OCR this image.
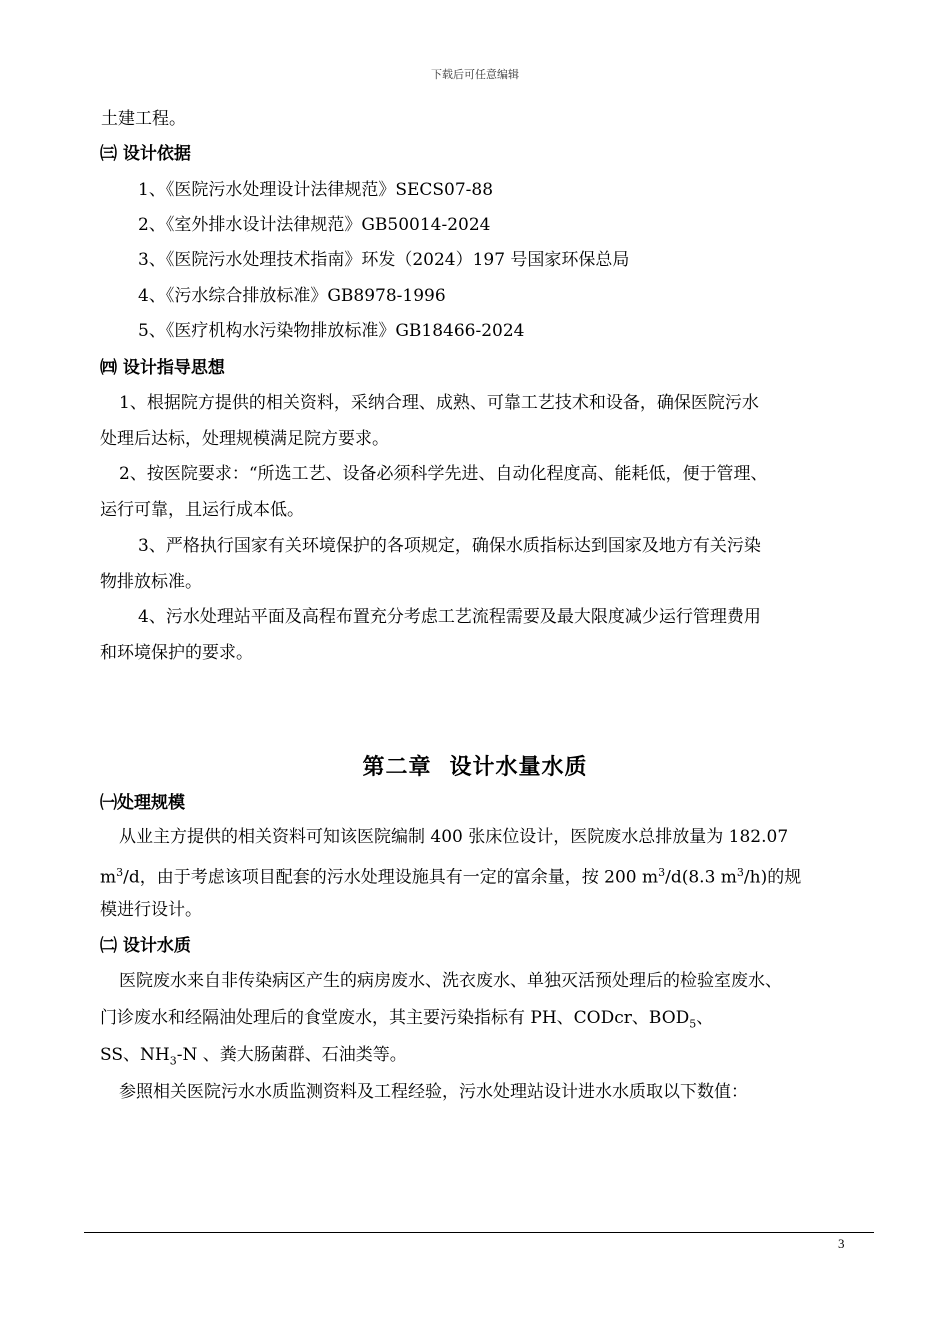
下载后可任意编辑
土建工程。
㈢ 设计依据
1、《医院污水处理设计法律规范》SECS07-88
2、《室外排水设计法律规范》GB50014-2024
3、《医院污水处理技术指南》环发（2024）197 号国家环保总局
4、《污水综合排放标准》GB8978-1996
5、《医疗机构水污染物排放标准》GB18466-2024
㈣ 设计指导思想
1、根据院方提供的相关资料，采纳合理、成熟、可靠工艺技术和设备，确保医院污水
处理后达标，处理规模满足院方要求。
2、按医院要求：“所选工艺、设备必须科学先进、自动化程度高、能耗低，便于管理、
运行可靠，且运行成本低。
3、严格执行国家有关环境保护的各项规定，确保水质指标达到国家及地方有关污染
物排放标准。
4、污水处理站平面及高程布置充分考虑工艺流程需要及最大限度减少运行管理费用
和环境保护的要求。
第二章 设计水量水质
㈠处理规模
从业主方提供的相关资料可知该医院编制 400 张床位设计，医院废水总排放量为 182.07
$m^3/d$，由于考虑该项目配套的污水处理设施具有一定的富余量，按 200 $m^3/d(8.3$ $m^3/h$)的规
模进行设计。
㈡ 设计水质
医院废水来自非传染病区产生的病房废水、洗衣废水、单独灭活预处理后的检验室废水、
门诊废水和经隔油处理后的食堂废水，其主要污染指标有 PH、CODcr、$BOD_5$、
SS、$NH_3-N$ 、粪大肠菌群、石油类等。
参照相关医院污水水质监测资料及工程经验，污水处理站设计进水水质取以下数值：
3
